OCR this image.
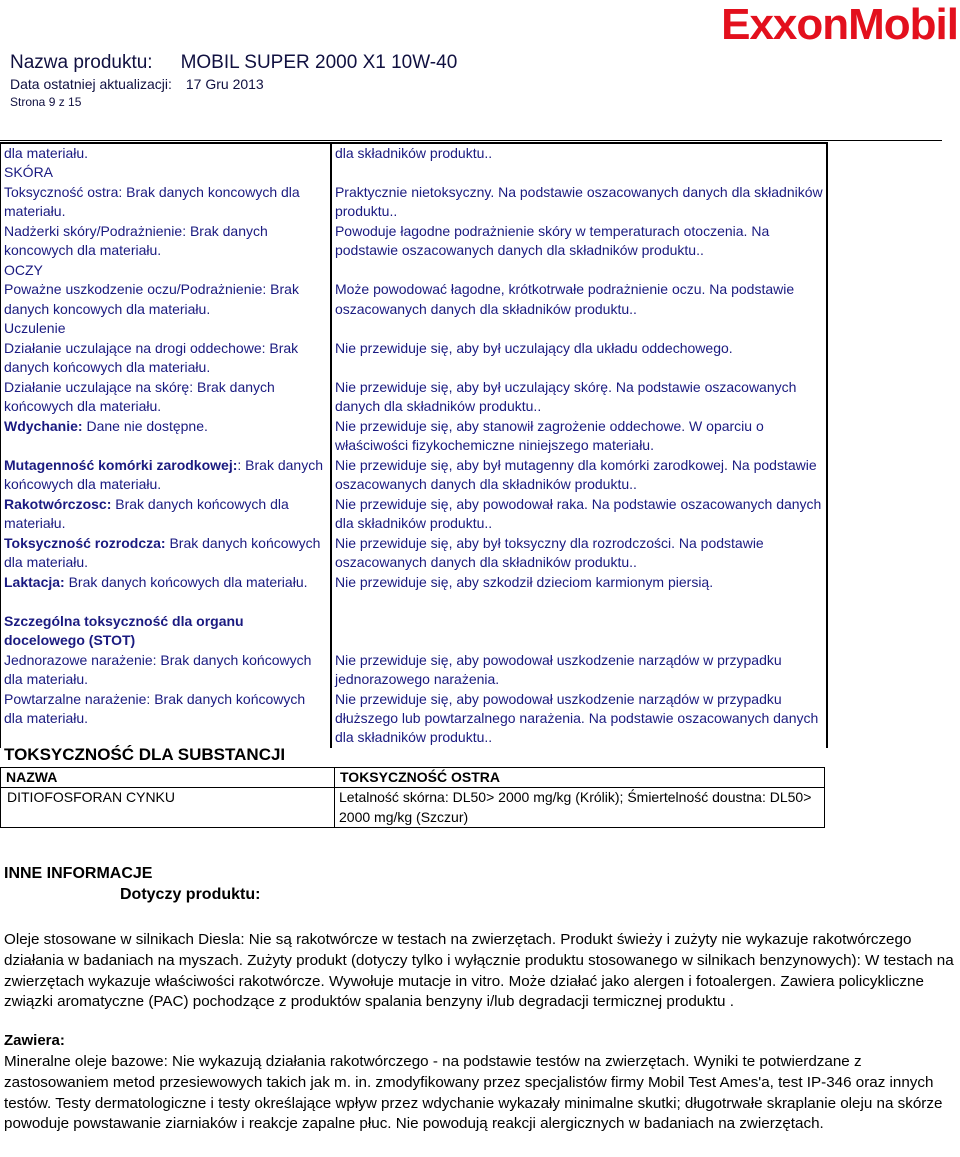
ExxonMobil
Nazwa produktu: MOBIL SUPER 2000 X1 10W-40
Data ostatniej aktualizacji: 17 Gru 2013
Strona 9 z 15
dla materiału.	dla składników produktu..
SKÓRA	
Toksyczność ostra: Brak danych koncowych dla materiału.	Praktycznie nietoksyczny. Na podstawie oszacowanych danych dla składników produktu..
Nadżerki skóry/Podrażnienie: Brak danych koncowych dla materiału.	Powoduje łagodne podrażnienie skóry w temperaturach otoczenia. Na podstawie oszacowanych danych dla składników produktu..
OCZY	
Poważne uszkodzenie oczu/Podrażnienie: Brak danych koncowych dla materiału.	Może powodować łagodne, krótkotrwałe podrażnienie oczu. Na podstawie oszacowanych danych dla składników produktu..
Uczulenie	
Działanie uczulające na drogi oddechowe: Brak danych końcowych dla materiału.	Nie przewiduje się, aby był uczulający dla układu oddechowego.
Działanie uczulające na skórę: Brak danych końcowych dla materiału.	Nie przewiduje się, aby był uczulający skórę. Na podstawie oszacowanych danych dla składników produktu..
Wdychanie: Dane nie dostępne.	Nie przewiduje się, aby stanowił zagrożenie oddechowe. W oparciu o właściwości fizykochemiczne niniejszego materiału.
Mutagenność komórki zarodkowej:: Brak danych końcowych dla materiału.	Nie przewiduje się, aby był mutagenny dla komórki zarodkowej. Na podstawie oszacowanych danych dla składników produktu..
Rakotwórczosc: Brak danych końcowych dla materiału.	Nie przewiduje się, aby powodował raka. Na podstawie oszacowanych danych dla składników produktu..
Toksyczność rozrodcza: Brak danych końcowych dla materiału.	Nie przewiduje się, aby był toksyczny dla rozrodczości. Na podstawie oszacowanych danych dla składników produktu..
Laktacja: Brak danych końcowych dla materiału.	Nie przewiduje się, aby szkodził dzieciom karmionym piersią.
Szczególna toksyczność dla organu docelowego (STOT)	
Jednorazowe narażenie: Brak danych końcowych dla materiału.	Nie przewiduje się, aby powodował uszkodzenie narządów w przypadku jednorazowego narażenia.
Powtarzalne narażenie: Brak danych końcowych dla materiału.	Nie przewiduje się, aby powodował uszkodzenie narządów w przypadku dłuższego lub powtarzalnego narażenia. Na podstawie oszacowanych danych dla składników produktu..
TOKSYCZNOŚĆ DLA SUBSTANCJI
NAZWA	TOKSYCZNOŚĆ OSTRA
DITIOFOSFORAN CYNKU	Letalność skórna: DL50> 2000 mg/kg (Królik); Śmiertelność doustna: DL50> 2000 mg/kg (Szczur)
INNE INFORMACJE
Dotyczy produktu:
Oleje stosowane w silnikach Diesla: Nie są rakotwórcze w testach na zwierzętach. Produkt świeży i zużyty nie wykazuje rakotwórczego działania w badaniach na myszach. Zużyty produkt (dotyczy tylko i wyłącznie produktu stosowanego w silnikach benzynowych): W testach na zwierzętach wykazuje właściwości rakotwórcze. Wywołuje mutacje in vitro. Może działać jako alergen i fotoalergen. Zawiera policykliczne związki aromatyczne (PAC) pochodzące z produktów spalania benzyny i/lub degradacji termicznej produktu .
Zawiera:
Mineralne oleje bazowe: Nie wykazują działania rakotwórczego - na podstawie testów na zwierzętach. Wyniki te potwierdzane z zastosowaniem metod przesiewowych takich jak m. in. zmodyfikowany przez specjalistów firmy Mobil Test Ames'a, test IP-346 oraz innych testów. Testy dermatologiczne i testy określające wpływ przez wdychanie wykazały minimalne skutki; długotrwałe skraplanie oleju na skórze powoduje powstawanie ziarniaków i reakcje zapalne płuc. Nie powodują reakcji alergicznych w badaniach na zwierzętach.
